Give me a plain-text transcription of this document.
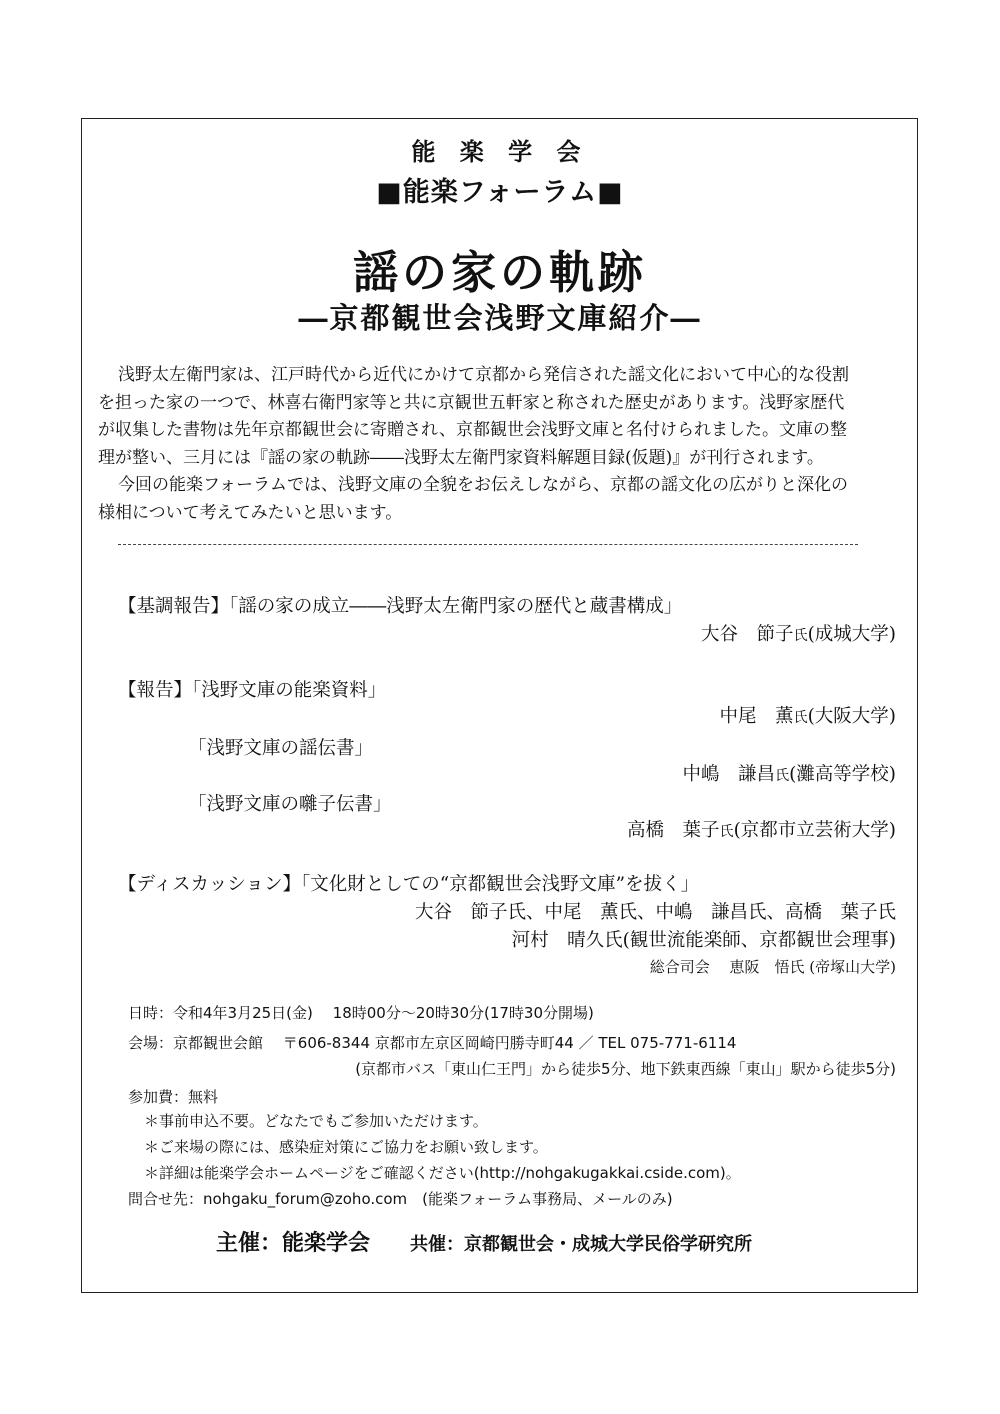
能 楽 学 会
■能楽フォーラム■
謡の家の軌跡
―京都観世会浅野文庫紹介―
浅野太左衛門家は、江戸時代から近代にかけて京都から発信された謡文化において中心的な役割
を担った家の一つで、林喜右衛門家等と共に京観世五軒家と称された歴史があります。浅野家歴代
が収集した書物は先年京都観世会に寄贈され、京都観世会浅野文庫と名付けられました。文庫の整
理が整い、三月には『謡の家の軌跡――浅野太左衛門家資料解題目録(仮題)』が刊行されます。
今回の能楽フォーラムでは、浅野文庫の全貌をお伝えしながら、京都の謡文化の広がりと深化の
様相について考えてみたいと思います。
【基調報告】「謡の家の成立――浅野太左衛門家の歴代と蔵書構成」
大谷　節子氏(成城大学)
【報告】「浅野文庫の能楽資料」
中尾　薫氏(大阪大学)
「浅野文庫の謡伝書」
中嶋　謙昌氏(灘高等学校)
「浅野文庫の囃子伝書」
高橋　葉子氏(京都市立芸術大学)
【ディスカッション】「文化財としての“京都観世会浅野文庫”を拔く」
大谷　節子氏、中尾　薫氏、中嶋　謙昌氏、高橋　葉子氏
河村　晴久氏(観世流能楽師、京都観世会理事)
総合司会　 恵阪　悟氏 (帝塚山大学)
日時：令和4年3月25日(金)　 18時00分～20時30分(17時30分開場)
会場：京都観世会館　 〒606-8344 京都市左京区岡崎円勝寺町44 ／ TEL 075-771-6114
(京都市バス「東山仁王門」から徒歩5分、地下鉄東西線「東山」駅から徒歩5分)
参加費：無料
＊事前申込不要。どなたでもご参加いただけます。
＊ご来場の際には、感染症対策にご協力をお願い致します。
＊詳細は能楽学会ホームページをご確認ください(http://nohgakugakkai.cside.com)。
問合せ先：nohgaku_forum@zoho.com　(能楽フォーラム事務局、メールのみ)
主催：能楽学会 共催：京都観世会・成城大学民俗学研究所
